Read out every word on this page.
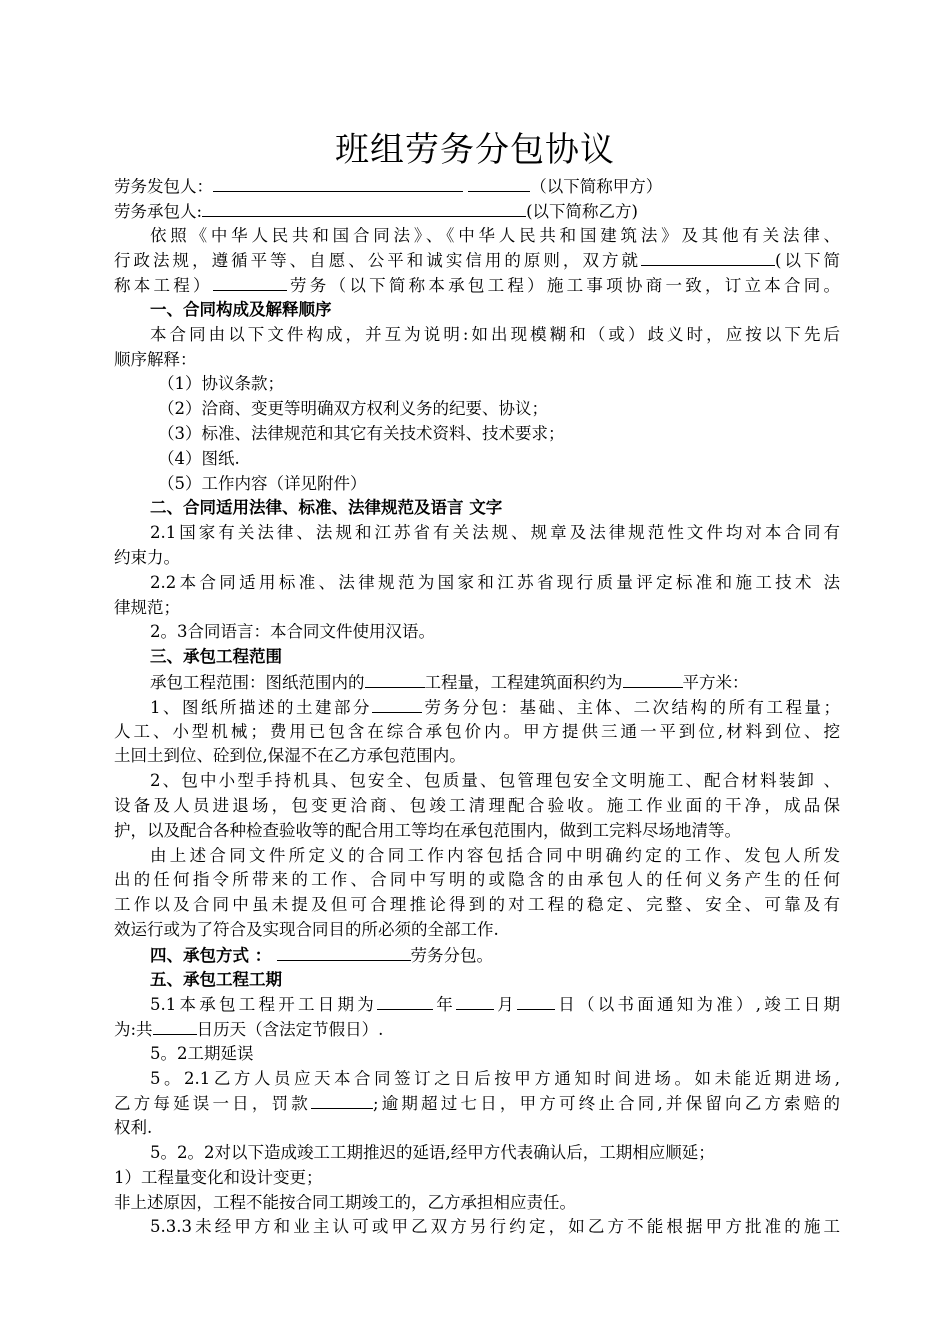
班组劳务分包协议
劳务发包人：	（以下简称甲方）
劳务承包人:	(以下简称乙方)
依照《中华人民共和国合同法》、《中华人民共和国建筑法》及其他有关法律、
行政法规，遵循平等、自愿、公平和诚实信用的原则，双方就	(以下简
称本工程）	劳务（以下简称本承包工程）施工事项协商一致，订立本合同。
一、合同构成及解释顺序
本合同由以下文件构成，并互为说明:如出现模糊和（或）歧义时，应按以下先后
顺序解释：
（1）协议条款；
（2）洽商、变更等明确双方权利义务的纪要、协议；
（3）标准、法律规范和其它有关技术资料、技术要求；
（4）图纸.
（5）工作内容（详见附件）
二、合同适用法律、标准、法律规范及语言 文字
2.1国家有关法律、法规和江苏省有关法规、规章及法律规范性文件均对本合同有
约束力。
2.2本合同适用标准、法律规范为国家和江苏省现行质量评定标准和施工技术 法
律规范；
2。3合同语言：本合同文件使用汉语。
三、承包工程范围
承包工程范围：图纸范围内的	工程量，工程建筑面积约为	平方米：
1、图纸所描述的土建部分	劳务分包：基础、主体、二次结构的所有工程量；
人工、小型机械；费用已包含在综合承包价内。甲方提供三通一平到位,材料到位、挖
土回土到位、砼到位,保湿不在乙方承包范围内。
2、包中小型手持机具、包安全、包质量、包管理包安全文明施工、配合材料装卸 、
设备及人员进退场，包变更洽商、包竣工清理配合验收。施工作业面的干净，成品保
护，以及配合各种检查验收等的配合用工等均在承包范围内，做到工完料尽场地清等。
由上述合同文件所定义的合同工作内容包括合同中明确约定的工作、发包人所发
出的任何指令所带来的工作、合同中写明的或隐含的由承包人的任何义务产生的任何
工作以及合同中虽未提及但可合理推论得到的对工程的稳定、完整、安全、可靠及有
效运行或为了符合及实现合同目的所必须的全部工作.
四、承包方式 ：	劳务分包。
五、承包工程工期
5.1本承包工程开工日期为	年 月 日（以书面通知为准）,竣工日期
为:共	日历天（含法定节假日）.
5。2工期延误
5。2.1乙方人员应天本合同签订之日后按甲方通知时间进场。如未能近期进场,
乙方每延误一日，罚款	;逾期超过七日，甲方可终止合同,并保留向乙方索赔的
权利.
5。2。2对以下造成竣工工期推迟的延语,经甲方代表确认后，工期相应顺延；
1）工程量变化和设计变更；
非上述原因，工程不能按合同工期竣工的，乙方承担相应责任。
5.3.3未经甲方和业主认可或甲乙双方另行约定，如乙方不能根据甲方批准的施工
